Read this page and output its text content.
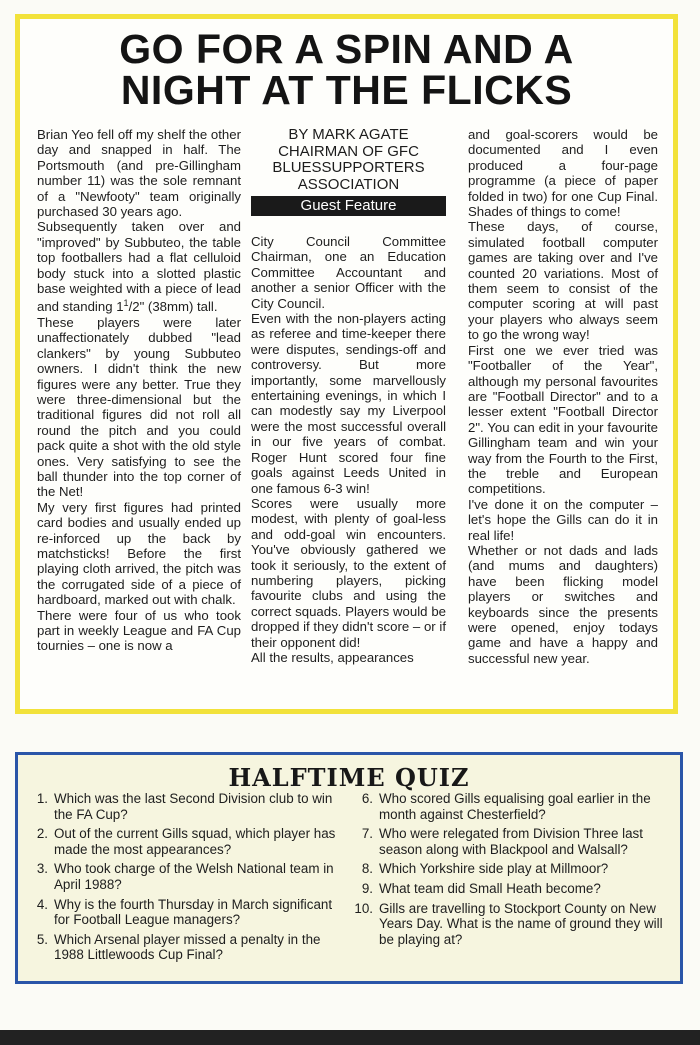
GO FOR A SPIN AND A
NIGHT AT THE FLICKS

Brian Yeo fell off my shelf the other day and snapped in half. The Portsmouth (and pre-Gillingham number 11) was the sole remnant of a "Newfooty" team originally purchased 30 years ago.

Subsequently taken over and "improved" by Subbuteo, the table top footballers had a flat celluloid body stuck into a slotted plastic base weighted with a piece of lead and standing $1^1/2$" (38mm) tall.

These players were later unaffectionately dubbed "lead clankers" by young Subbuteo owners. I didn't think the new figures were any better. True they were three-dimensional but the traditional figures did not roll all round the pitch and you could pack quite a shot with the old style ones. Very satisfying to see the ball thunder into the top corner of the Net!

My very first figures had printed card bodies and usually ended up re-inforced up the back by matchsticks! Before the first playing cloth arrived, the pitch was the corrugated side of a piece of hardboard, marked out with chalk.

There were four of us who took part in weekly League and FA Cup tournies – one is now a

BY MARK AGATE
CHAIRMAN OF GFC
BLUESSUPPORTERS
ASSOCIATION
Guest Feature

City Council Committee Chairman, one an Education Committee Accountant and another a senior Officer with the City Council.

Even with the non-players acting as referee and time-keeper there were disputes, sendings-off and controversy. But more importantly, some marvellously entertaining evenings, in which I can modestly say my Liverpool were the most successful overall in our five years of combat. Roger Hunt scored four fine goals against Leeds United in one famous 6-3 win!

Scores were usually more modest, with plenty of goal-less and odd-goal win encounters. You've obviously gathered we took it seriously, to the extent of numbering players, picking favourite clubs and using the correct squads. Players would be dropped if they didn't score – or if their opponent did!

All the results, appearances

and goal-scorers would be documented and I even produced a four-page programme (a piece of paper folded in two) for one Cup Final. Shades of things to come!

These days, of course, simulated football computer games are taking over and I've counted 20 variations. Most of them seem to consist of the computer scoring at will past your players who always seem to go the wrong way!

First one we ever tried was "Footballer of the Year", although my personal favourites are "Football Director" and to a lesser extent "Football Director 2". You can edit in your favourite Gillingham team and win your way from the Fourth to the First, the treble and European competitions.

I've done it on the computer – let's hope the Gills can do it in real life!

Whether or not dads and lads (and mums and daughters) have been flicking model players or switches and keyboards since the presents were opened, enjoy todays game and have a happy and successful new year.

HALFTIME QUIZ
1. Which was the last Second Division club to win the FA Cup?
2. Out of the current Gills squad, which player has made the most appearances?
3. Who took charge of the Welsh National team in April 1988?
4. Why is the fourth Thursday in March significant for Football League managers?
5. Which Arsenal player missed a penalty in the 1988 Littlewoods Cup Final?
6. Who scored Gills equalising goal earlier in the month against Chesterfield?
7. Who were relegated from Division Three last season along with Blackpool and Walsall?
8. Which Yorkshire side play at Millmoor?
9. What team did Small Heath become?
10. Gills are travelling to Stockport County on New Years Day. What is the name of ground they will be playing at?
